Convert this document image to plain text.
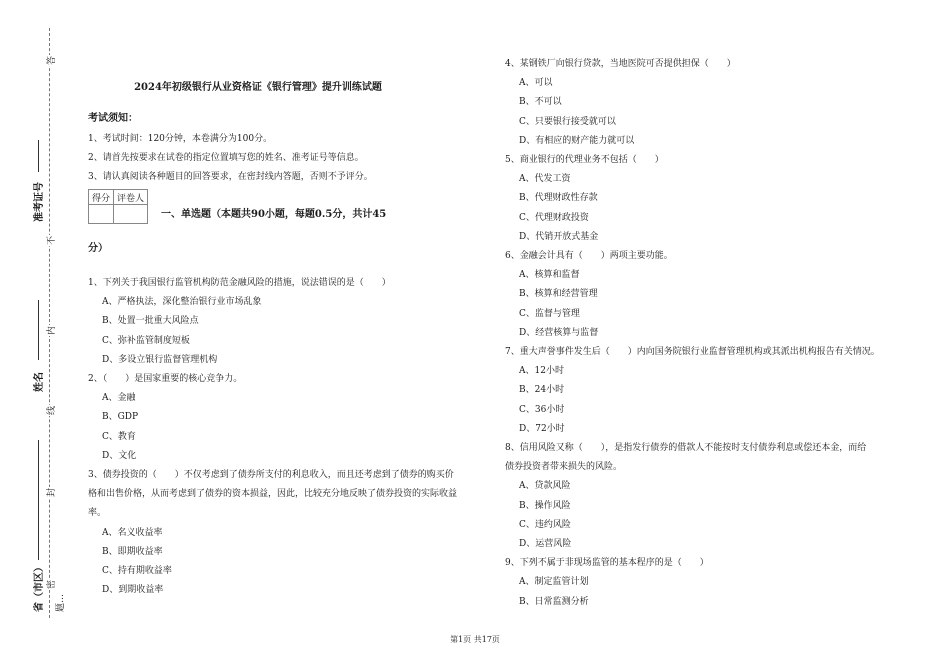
答
准考证号
不
内
姓名
线
封
密
省（市区）	题…
2024年初级银行从业资格证《银行管理》提升训练试题
考试须知：
1、考试时间：120分钟，本卷满分为100分。
2、请首先按要求在试卷的指定位置填写您的姓名、准考证号等信息。
3、请认真阅读各种题目的回答要求，在密封线内答题，否则不予评分。
得分	评卷人

一、单选题（本题共90小题，每题0.5分，共计45
分）
1、下列关于我国银行监管机构防范金融风险的措施，说法错误的是（　　）
A、严格执法，深化整治银行业市场乱象
B、处置一批重大风险点
C、弥补监管制度短板
D、多设立银行监督管理机构
2、（　　）是国家重要的核心竞争力。
A、金融
B、GDP
C、教育
D、文化
3、债券投资的（　　）不仅考虑到了债券所支付的利息收入，而且还考虑到了债券的购买价
格和出售价格，从而考虑到了债券的资本损益，因此，比较充分地反映了债券投资的实际收益
率。
A、名义收益率
B、即期收益率
C、持有期收益率
D、到期收益率
4、某钢铁厂向银行贷款，当地医院可否提供担保（　　）
A、可以
B、不可以
C、只要银行接受就可以
D、有相应的财产能力就可以
5、商业银行的代理业务不包括（　　）
A、代发工资
B、代理财政性存款
C、代理财政投资
D、代销开放式基金
6、金融会计具有（　　）两项主要功能。
A、核算和监督
B、核算和经营管理
C、监督与管理
D、经营核算与监督
7、重大声誉事件发生后（　　）内向国务院银行业监督管理机构或其派出机构报告有关情况。
A、12小时
B、24小时
C、36小时
D、72小时
8、信用风险又称（　　），是指发行债券的借款人不能按时支付债券利息或偿还本金，而给
债券投资者带来损失的风险。
A、贷款风险
B、操作风险
C、违约风险
D、运营风险
9、下列不属于非现场监管的基本程序的是（　　）
A、制定监管计划
B、日常监测分析
第1页 共17页
